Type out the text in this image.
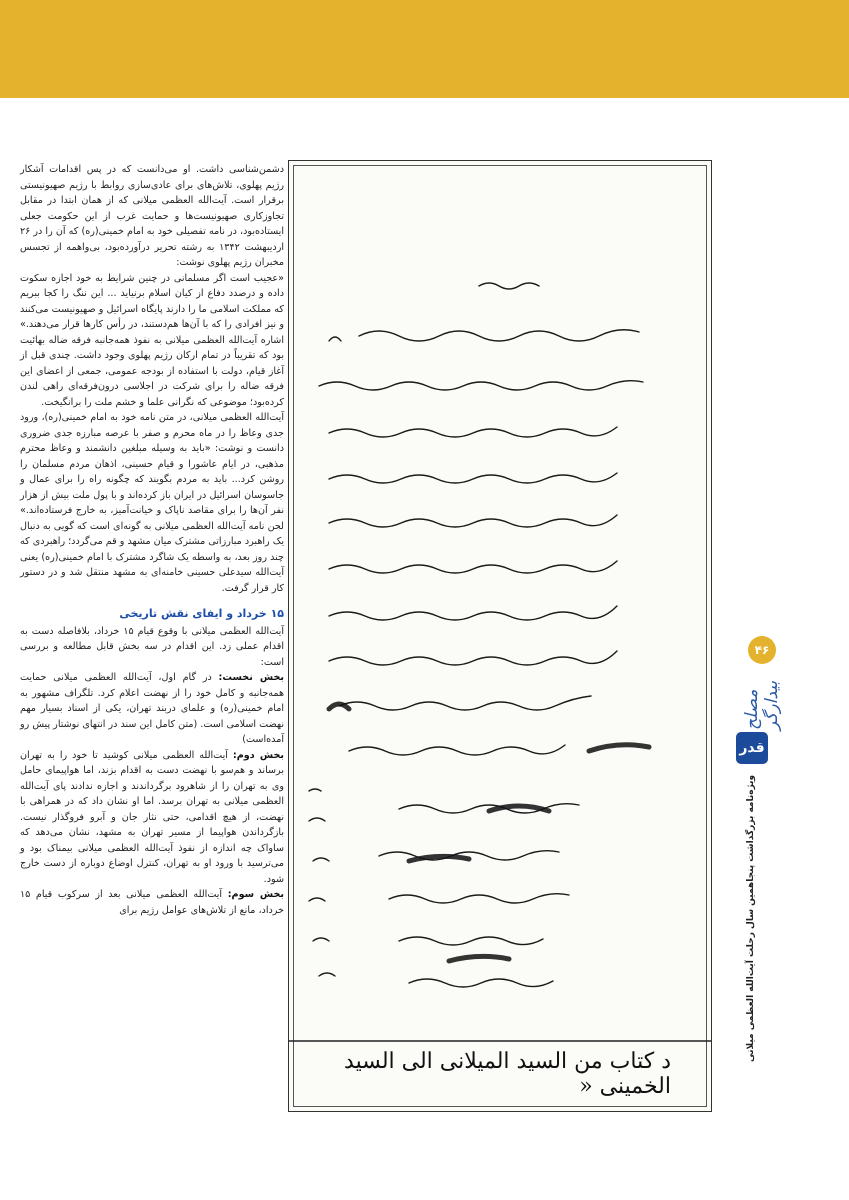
دشمن‌شناسی داشت. او می‌دانست که در پس اقدامات آشکار رژیم پهلوی، تلاش‌های برای عادی‌سازی روابط با رژیم صهیونیستی برقرار است. آیت‌الله العظمی میلانی که از همان ابتدا در مقابل تجاوزکاری صهیونیست‌ها و حمایت غرب از این حکومت جعلی ایستاده‌بود، در نامه تفصیلی خود به امام خمینی(ره) که آن را در ۲۶ اردیبهشت ۱۳۴۲ به رشته تحریر درآورده‌بود، بی‌واهمه از تجسس مخبران رژیم پهلوی نوشت:

«عجیب است اگر مسلمانی در چنین شرایط به خود اجازه سکوت داده و درصدد دفاع از کیان اسلام برنیاید ... این ننگ را کجا ببریم که مملکت اسلامی ما را دارند پایگاه اسرائیل و صهیونیست می‌کنند و نیز افرادی را که با آن‌ها هم‌دستند، در رأس کارها قرار می‌دهند.» اشاره آیت‌الله العظمی میلانی به نفوذ همه‌جانبه فرقه ضاله بهائیت بود که تقریباً در تمام ارکان رژیم پهلوی وجود داشت. چندی قبل از آغاز قیام، دولت با استفاده از بودجه عمومی، جمعی از اعضای این فرقه ضاله را برای شرکت در اجلاسی درون‌فرقه‌ای راهی لندن کرده‌بود؛ موضوعی که نگرانی علما و خشم ملت را برانگیخت.

آیت‌الله العظمی میلانی، در متن نامه خود به امام خمینی(ره)، ورود جدی وعاظ را در ماه محرم و صفر با عرصه مبارزه جدی ضروری دانست و نوشت: «باید به وسیله مبلغین دانشمند و وعاظ محترم مذهبی، در ایام عاشورا و قیام حسینی، اذهان مردم مسلمان را روشن کرد... باید به مردم بگویند که چگونه راه را برای عمال و جاسوسان اسرائیل در ایران باز کرده‌اند و با پول ملت بیش از هزار نفر آن‌ها را برای مقاصد ناپاک و خیانت‌آمیز، به خارج فرستاده‌اند.» لحن نامه آیت‌الله العظمی میلانی به گونه‌ای است که گویی به دنبال یک راهبرد مبارزاتی مشترک میان مشهد و قم می‌گردد؛ راهبردی که چند روز بعد، به واسطه یک شاگرد مشترک با امام خمینی(ره) یعنی آیت‌الله سیدعلی حسینی خامنه‌ای به مشهد منتقل شد و در دستور کار قرار گرفت.

۱۵ خرداد و ایفای نقش تاریخی

آیت‌الله العظمی میلانی با وقوع قیام ۱۵ خرداد، بلافاصله دست به اقدام عملی زد. این اقدام در سه بخش قابل مطالعه و بررسی است:

بخش نخست: در گام اول، آیت‌الله العظمی میلانی حمایت همه‌جانبه و کامل خود را از نهضت اعلام کرد. تلگراف مشهور به امام خمینی(ره) و علمای دربند تهران، یکی از اسناد بسیار مهم نهضت اسلامی است. (متن کامل این سند در انتهای نوشتار پیش رو آمده‌است)

بخش دوم: آیت‌الله العظمی میلانی کوشید تا خود را به تهران برساند و هم‌سو با نهضت دست به اقدام بزند، اما هواپیمای حامل وی به تهران را از شاهرود برگرداندند و اجازه ندادند پای آیت‌الله العظمی میلانی به تهران برسد. اما او نشان داد که در همراهی با نهضت، از هیچ اقدامی، حتی نثار جان و آبرو فروگذار نیست. بازگرداندن هواپیما از مسیر تهران به مشهد، نشان می‌دهد که ساواک چه اندازه از نفوذ آیت‌الله العظمی میلانی بیمناک بود و می‌ترسید با ورود او به تهران، کنترل اوضاع دوباره از دست خارج شود.

بخش سوم: آیت‌الله العظمی میلانی بعد از سرکوب قیام ۱۵ خرداد، مانع از تلاش‌های عوامل رژیم برای

د کتاب من السید المیلانی الی السید الخمینی «
۴۶
مصلح بیدارگر
قدر
ویژه‌نامه بزرگداشت پنجاهمین سال رحلت آیت‌الله العظمی میلانی
